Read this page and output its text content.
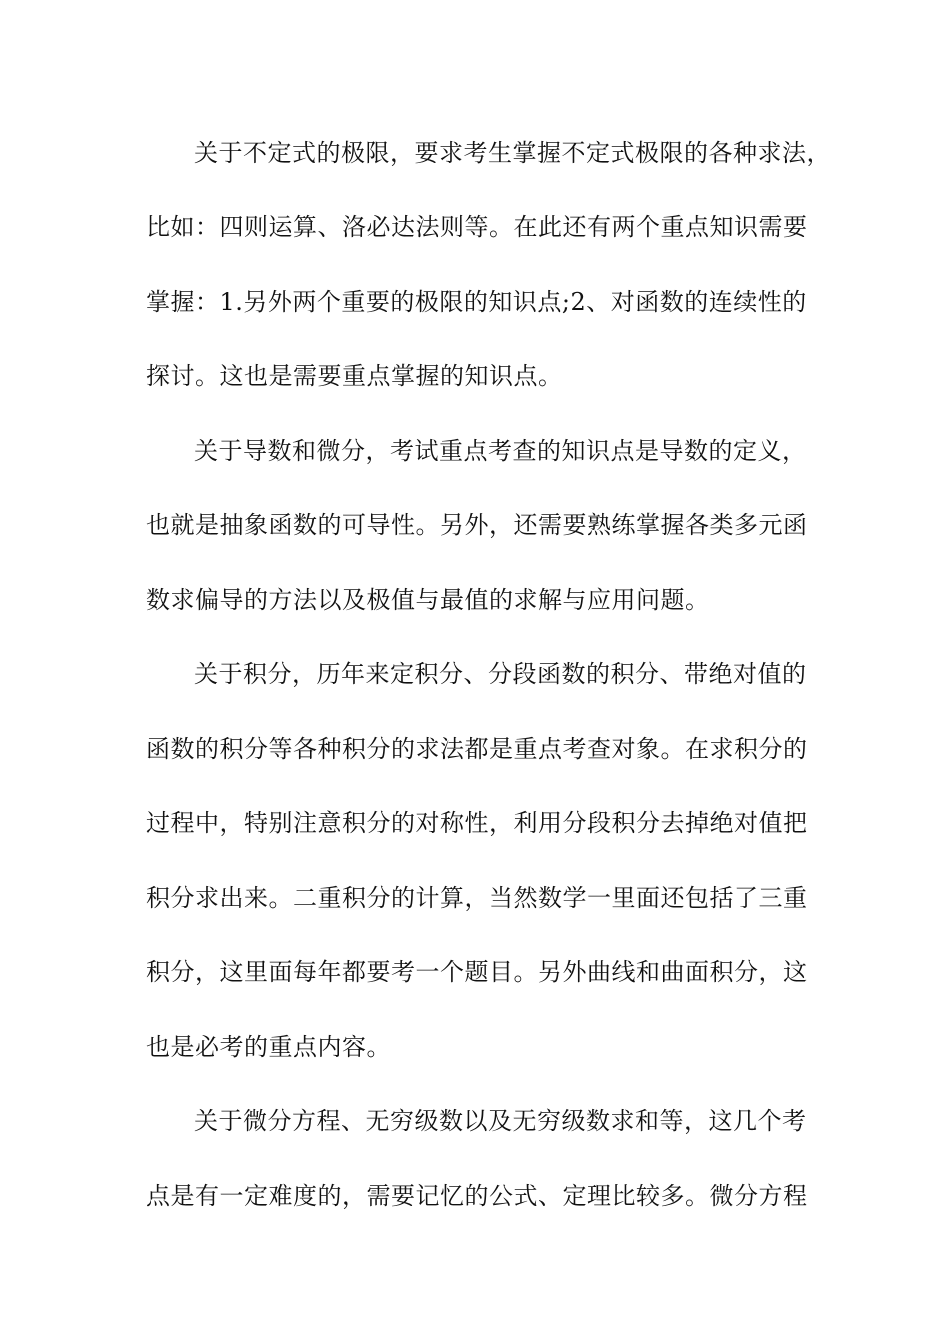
关于不定式的极限，要求考生掌握不定式极限的各种求法，
比如：四则运算、洛必达法则等。在此还有两个重点知识需要
掌握：1.另外两个重要的极限的知识点;2、对函数的连续性的
探讨。这也是需要重点掌握的知识点。
关于导数和微分，考试重点考查的知识点是导数的定义，
也就是抽象函数的可导性。另外，还需要熟练掌握各类多元函
数求偏导的方法以及极值与最值的求解与应用问题。
关于积分，历年来定积分、分段函数的积分、带绝对值的
函数的积分等各种积分的求法都是重点考查对象。在求积分的
过程中，特别注意积分的对称性，利用分段积分去掉绝对值把
积分求出来。二重积分的计算，当然数学一里面还包括了三重
积分，这里面每年都要考一个题目。另外曲线和曲面积分，这
也是必考的重点内容。
关于微分方程、无穷级数以及无穷级数求和等，这几个考
点是有一定难度的，需要记忆的公式、定理比较多。微分方程
